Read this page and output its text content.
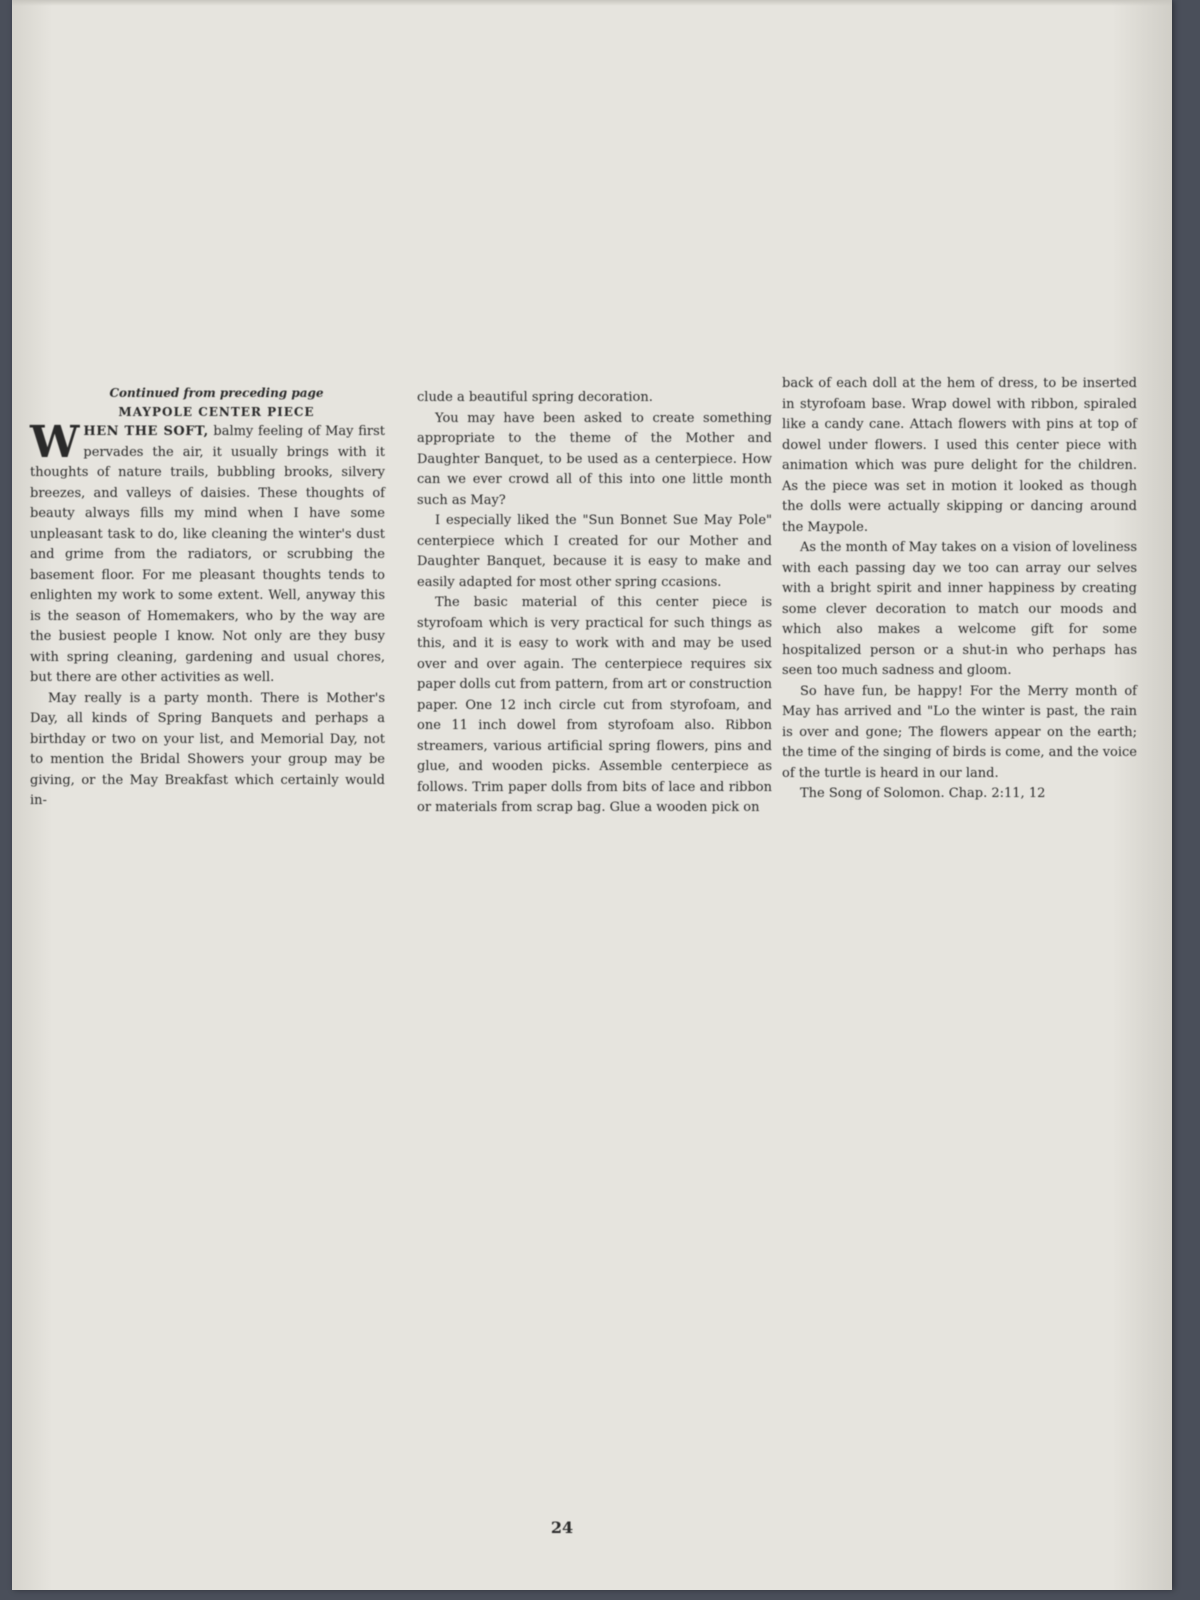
Continued from preceding page

MAYPOLE CENTER PIECE

WHEN THE SOFT, balmy feeling of May first pervades the air, it usually brings with it thoughts of nature trails, bubbling brooks, silvery breezes, and valleys of daisies. These thoughts of beauty always fills my mind when I have some unpleasant task to do, like cleaning the winter's dust and grime from the radiators, or scrubbing the basement floor. For me pleasant thoughts tends to enlighten my work to some extent. Well, anyway this is the season of Homemakers, who by the way are the busiest people I know. Not only are they busy with spring cleaning, gardening and usual chores, but there are other activities as well.

May really is a party month. There is Mother's Day, all kinds of Spring Banquets and perhaps a birthday or two on your list, and Memorial Day, not to mention the Bridal Showers your group may be giving, or the May Breakfast which certainly would in-

clude a beautiful spring decoration.

You may have been asked to create something appropriate to the theme of the Mother and Daughter Banquet, to be used as a centerpiece. How can we ever crowd all of this into one little month such as May?

I especially liked the "Sun Bonnet Sue May Pole" centerpiece which I created for our Mother and Daughter Banquet, because it is easy to make and easily adapted for most other spring ccasions.

The basic material of this center piece is styrofoam which is very practical for such things as this, and it is easy to work with and may be used over and over again. The centerpiece requires six paper dolls cut from pattern, from art or construction paper. One 12 inch circle cut from styrofoam, and one 11 inch dowel from styrofoam also. Ribbon streamers, various artificial spring flowers, pins and glue, and wooden picks. Assemble centerpiece as follows. Trim paper dolls from bits of lace and ribbon or materials from scrap bag. Glue a wooden pick on

back of each doll at the hem of dress, to be inserted in styrofoam base. Wrap dowel with ribbon, spiraled like a candy cane. Attach flowers with pins at top of dowel under flowers. I used this center piece with animation which was pure delight for the children. As the piece was set in motion it looked as though the dolls were actually skipping or dancing around the Maypole.

As the month of May takes on a vision of loveliness with each passing day we too can array our selves with a bright spirit and inner happiness by creating some clever decoration to match our moods and which also makes a welcome gift for some hospitalized person or a shut-in who perhaps has seen too much sadness and gloom.

So have fun, be happy! For the Merry month of May has arrived and "Lo the winter is past, the rain is over and gone; The flowers appear on the earth; the time of the singing of birds is come, and the voice of the turtle is heard in our land.

The Song of Solomon. Chap. 2:11, 12

24
